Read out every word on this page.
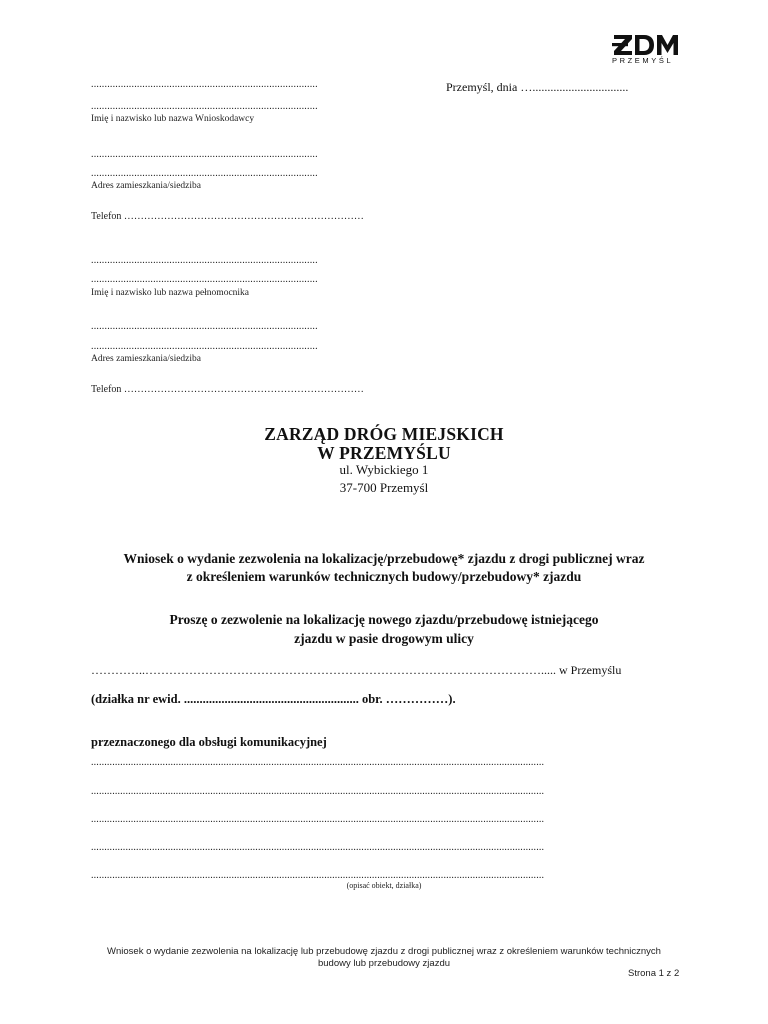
PRZEMYŚL
Przemyśl, dnia …................................
....................................................................................
....................................................................................
Imię i nazwisko lub nazwa Wnioskodawcy
....................................................................................
....................................................................................
Adres zamieszkania/siedziba
Telefon ………………………………………………………………
....................................................................................
....................................................................................
Imię i nazwisko lub nazwa pełnomocnika
....................................................................................
....................................................................................
Adres zamieszkania/siedziba
Telefon ………………………………………………………………
ZARZĄD DRÓG MIEJSKICH
W PRZEMYŚLU
ul. Wybickiego 1
37-700 Przemyśl
Wniosek o wydanie zezwolenia na lokalizację/przebudowę* zjazdu z drogi publicznej wraz
z określeniem warunków technicznych budowy/przebudowy* zjazdu
Proszę o zezwolenie na lokalizację nowego zjazdu/przebudowę istniejącego
zjazdu w pasie drogowym ulicy
…………..………………………………………………………………………………………..... w Przemyślu
(działka nr ewid. ........................................................ obr. ……………).
przeznaczonego dla obsługi komunikacyjnej
...........................................................................................................................................................................
...........................................................................................................................................................................
...........................................................................................................................................................................
...........................................................................................................................................................................
...........................................................................................................................................................................
(opisać obiekt, działka)
Wniosek o wydanie zezwolenia na lokalizację lub przebudowę zjazdu z drogi publicznej wraz z określeniem warunków technicznych
budowy lub przebudowy zjazdu
Strona 1 z 2
